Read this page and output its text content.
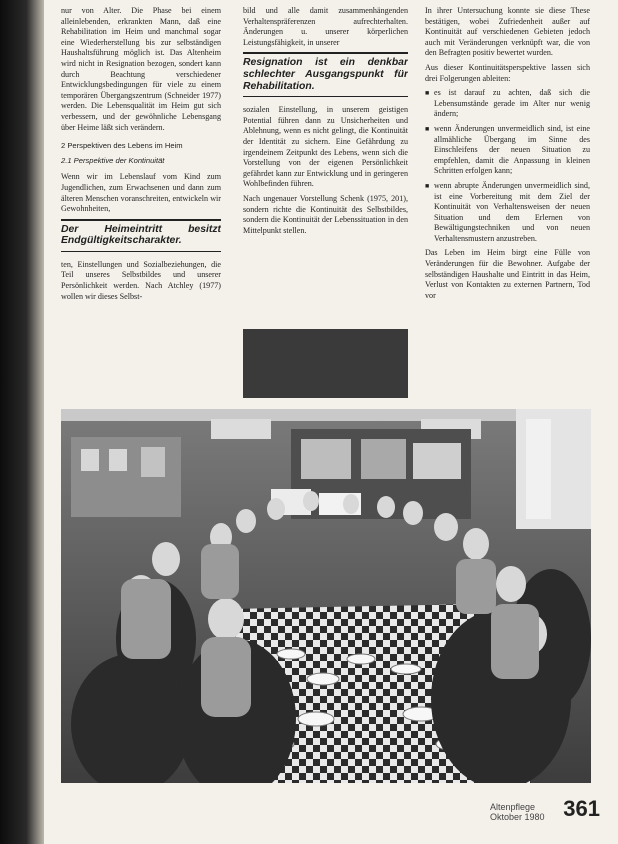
nur von Alter. Die Phase bei einem alleinlebenden, erkrankten Mann, daß eine Rehabilitation im Heim und manchmal sogar eine Wiederherstellung bis zur selbständigen Haushaltsführung möglich ist. Das Altenheim wird nicht in Resignation bezogen, sondert kann durch Beachtung verschiedener Entwicklungsbedingungen für viele zu einem temporären Übergangszentrum (Schneider 1977) werden. Die Lebensqualität im Heim gut sich verbessern, und der gewöhnliche Lebensgang über Heime läßt sich verändern.

2 Perspektiven des Lebens im Heim
2.1 Perspektive der Kontinuität

Wenn wir im Lebenslauf vom Kind zum Jugendlichen, zum Erwachsenen und dann zum älteren Menschen voranschreiten, entwickeln wir Gewohnheiten,

Der Heimeintritt besitzt Endgültigkeitscharakter.

ten, Einstellungen und Sozialbeziehungen, die Teil unseres Selbstbildes und unserer Persönlichkeit werden. Nach Atchley (1977) wollen wir dieses Selbst-

bild und alle damit zusammenhängenden Verhaltenspräferenzen aufrechterhalten. Änderungen u. unserer körperlichen Leistungsfähigkeit, in unserer

Resignation ist ein denkbar schlechter Ausgangspunkt für Rehabilitation.

sozialen Einstellung, in unserem geistigen Potential führen dann zu Unsicherheiten und Ablehnung, wenn es nicht gelingt, die Kontinuität der Identität zu sichern. Eine Gefährdung zu irgendeinem Zeitpunkt des Lebens, wenn sich die Vorstellung von der eigenen Persönlichkeit gefährdet kann zur Entwicklung und in geringeren Wohlbefinden führen.

Nach ungenauer Vorstellung Schenk (1975, 201), sondern richte die Kontinuität des Selbstbildes, sondern die Kontinuität der Lebenssituation in den Mittelpunkt stellen.

In ihrer Untersuchung konnte sie diese These bestätigen, wobei Zufriedenheit außer auf Kontinuität auf verschiedenen Gebieten jedoch auch mit Veränderungen verknüpft war, die von den Befragten positiv bewertet wurden.

Aus dieser Kontinuitätsperspektive lassen sich drei Folgerungen ableiten:

■ es ist darauf zu achten, daß sich die Lebensumstände gerade im Alter nur wenig ändern;

■ wenn Änderungen unvermeidlich sind, ist eine allmähliche Übergang im Sinne des Einschleifens der neuen Situation zu empfehlen, damit die Anpassung in kleinen Schritten erfolgen kann;

■ wenn abrupte Änderungen unvermeidlich sind, ist eine Vorbereitung mit dem Ziel der Kontinuität von Verhaltensweisen der neuen Situation und dem Erlernen von Bewältigungstechniken und von neuen Verhaltensmustern anzustreben.

Das Leben im Heim birgt eine Fülle von Veränderungen für die Bewohner. Aufgabe der selbständigen Haushalte und Eintritt in das Heim, Verlust von Kontakten zu externen Partnern, Tod vor

Altenpflege
Oktober 1980 361
